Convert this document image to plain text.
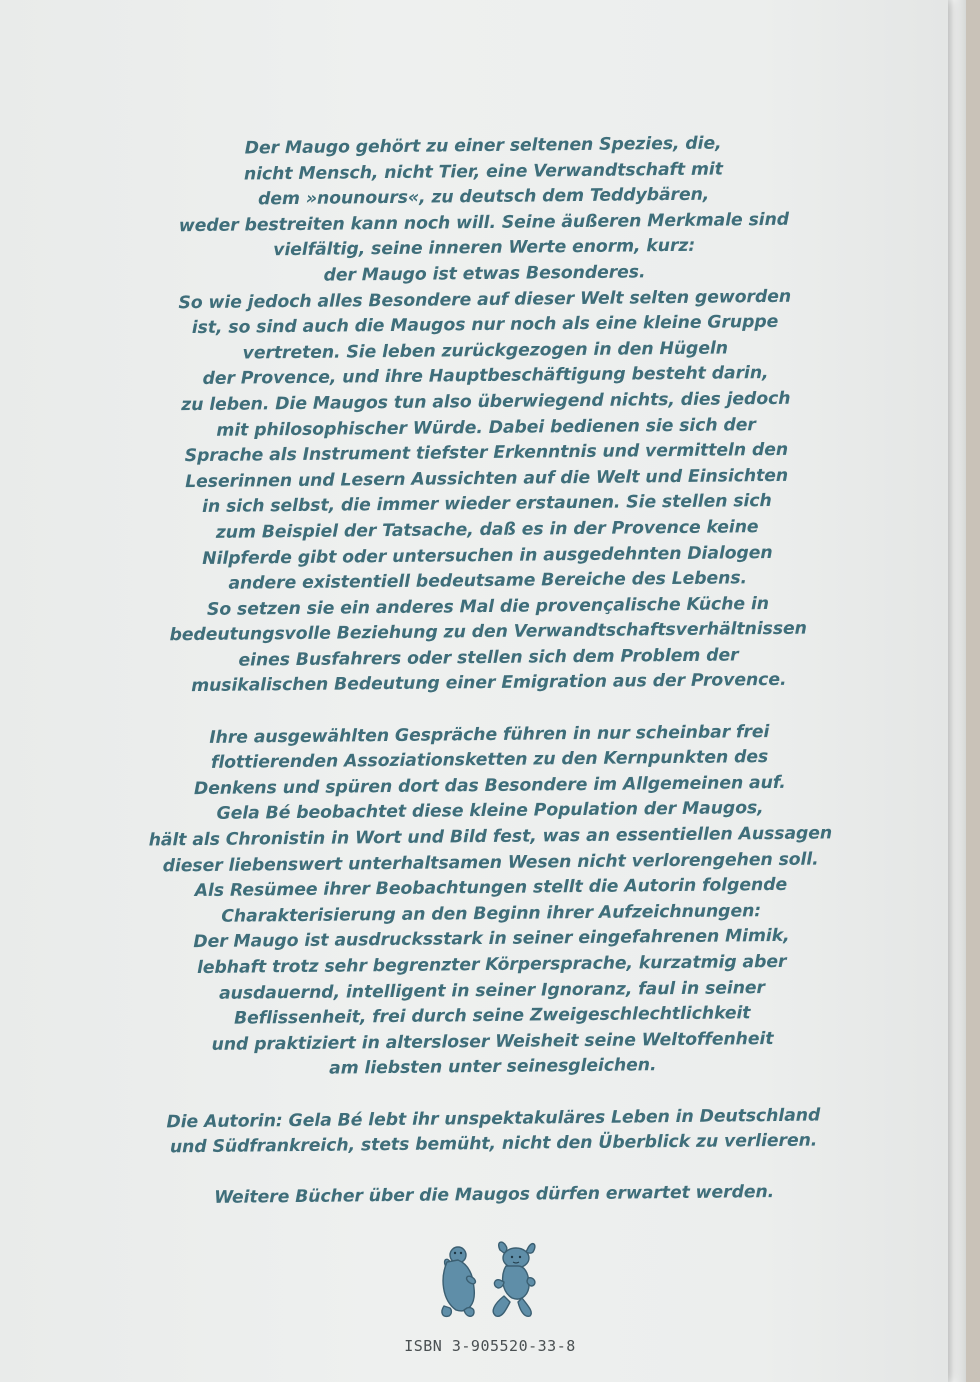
Der Maugo gehört zu einer seltenen Spezies, die,
nicht Mensch, nicht Tier, eine Verwandtschaft mit
dem »nounours«, zu deutsch dem Teddybären,
weder bestreiten kann noch will. Seine äußeren Merkmale sind
vielfältig, seine inneren Werte enorm, kurz:
der Maugo ist etwas Besonderes.
So wie jedoch alles Besondere auf dieser Welt selten geworden
ist, so sind auch die Maugos nur noch als eine kleine Gruppe
vertreten. Sie leben zurückgezogen in den Hügeln
der Provence, und ihre Hauptbeschäftigung besteht darin,
zu leben. Die Maugos tun also überwiegend nichts, dies jedoch
mit philosophischer Würde. Dabei bedienen sie sich der
Sprache als Instrument tiefster Erkenntnis und vermitteln den
Leserinnen und Lesern Aussichten auf die Welt und Einsichten
in sich selbst, die immer wieder erstaunen. Sie stellen sich
zum Beispiel der Tatsache, daß es in der Provence keine
Nilpferde gibt oder untersuchen in ausgedehnten Dialogen
andere existentiell bedeutsame Bereiche des Lebens.
So setzen sie ein anderes Mal die provençalische Küche in
bedeutungsvolle Beziehung zu den Verwandtschaftsverhältnissen
eines Busfahrers oder stellen sich dem Problem der
musikalischen Bedeutung einer Emigration aus der Provence.
Ihre ausgewählten Gespräche führen in nur scheinbar frei
flottierenden Assoziationsketten zu den Kernpunkten des
Denkens und spüren dort das Besondere im Allgemeinen auf.
Gela Bé beobachtet diese kleine Population der Maugos,
hält als Chronistin in Wort und Bild fest, was an essentiellen Aussagen
dieser liebenswert unterhaltsamen Wesen nicht verlorengehen soll.
Als Resümee ihrer Beobachtungen stellt die Autorin folgende
Charakterisierung an den Beginn ihrer Aufzeichnungen:
Der Maugo ist ausdrucksstark in seiner eingefahrenen Mimik,
lebhaft trotz sehr begrenzter Körpersprache, kurzatmig aber
ausdauernd, intelligent in seiner Ignoranz, faul in seiner
Beflissenheit, frei durch seine Zweigeschlechtlichkeit
und praktiziert in altersloser Weisheit seine Weltoffenheit
am liebsten unter seinesgleichen.
Die Autorin: Gela Bé lebt ihr unspektakuläres Leben in Deutschland
und Südfrankreich, stets bemüht, nicht den Überblick zu verlieren.
Weitere Bücher über die Maugos dürfen erwartet werden.
ISBN 3-905520-33-8
